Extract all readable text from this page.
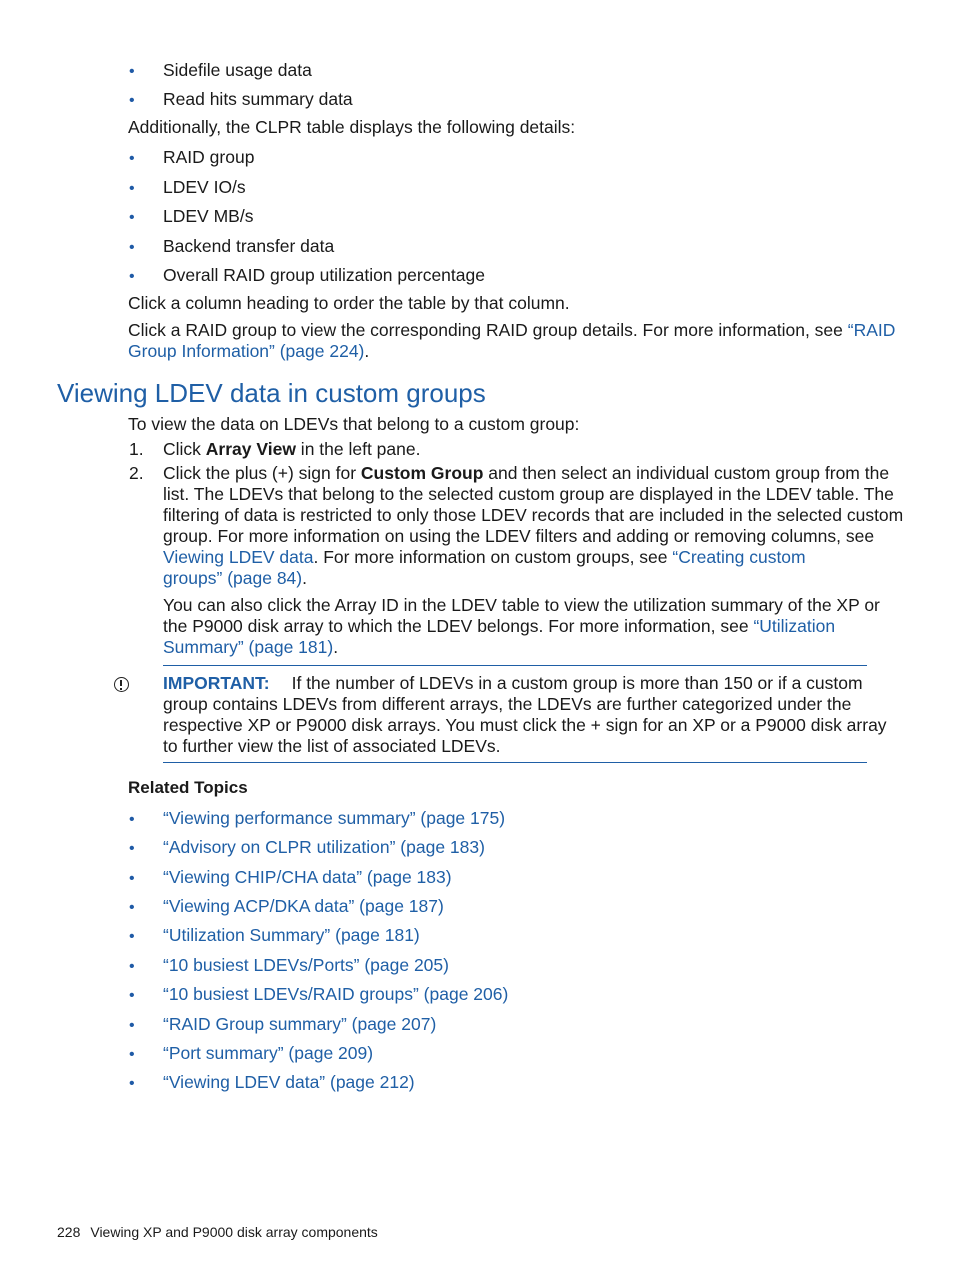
• Sidefile usage data
• Read hits summary data
Additionally, the CLPR table displays the following details:
• RAID group
• LDEV IO/s
• LDEV MB/s
• Backend transfer data
• Overall RAID group utilization percentage
Click a column heading to order the table by that column.
Click a RAID group to view the corresponding RAID group details. For more information, see “RAID
Group Information” (page 224).
Viewing LDEV data in custom groups
To view the data on LDEVs that belong to a custom group:
1. Click Array View in the left pane.
2. Click the plus (+) sign for Custom Group and then select an individual custom group from the
list. The LDEVs that belong to the selected custom group are displayed in the LDEV table. The
filtering of data is restricted to only those LDEV records that are included in the selected custom
group. For more information on using the LDEV filters and adding or removing columns, see
Viewing LDEV data. For more information on custom groups, see “Creating custom
groups” (page 84).
You can also click the Array ID in the LDEV table to view the utilization summary of the XP or
the P9000 disk array to which the LDEV belongs. For more information, see “Utilization
Summary” (page 181).
IMPORTANT: If the number of LDEVs in a custom group is more than 150 or if a custom
group contains LDEVs from different arrays, the LDEVs are further categorized under the
respective XP or P9000 disk arrays. You must click the + sign for an XP or a P9000 disk array
to further view the list of associated LDEVs.
Related Topics
• “Viewing performance summary” (page 175)
• “Advisory on CLPR utilization” (page 183)
• “Viewing CHIP/CHA data” (page 183)
• “Viewing ACP/DKA data” (page 187)
• “Utilization Summary” (page 181)
• “10 busiest LDEVs/Ports” (page 205)
• “10 busiest LDEVs/RAID groups” (page 206)
• “RAID Group summary” (page 207)
• “Port summary” (page 209)
• “Viewing LDEV data” (page 212)
228 Viewing XP and P9000 disk array components
